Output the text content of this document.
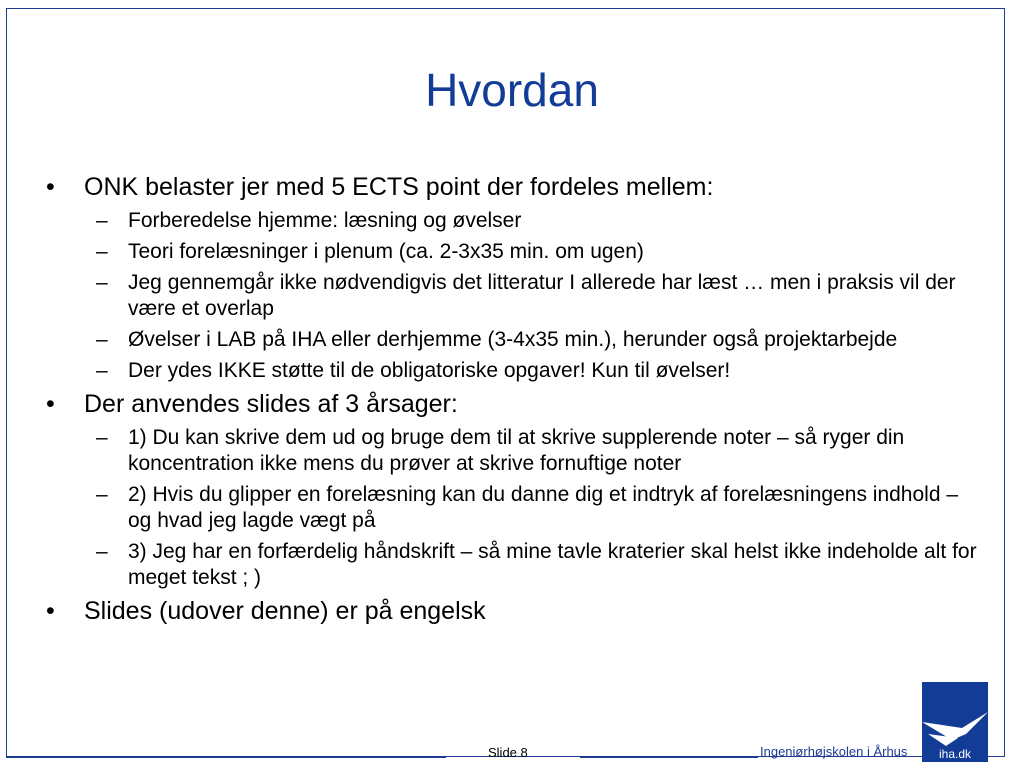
Hvordan
•	ONK belaster jer med 5 ECTS point der fordeles mellem:
– Forberedelse hjemme: læsning og øvelser
– Teori forelæsninger i plenum (ca. 2-3x35 min. om ugen)
– Jeg gennemgår ikke nødvendigvis det litteratur I allerede har læst … men i praksis vil der være et overlap
– Øvelser i LAB på IHA eller derhjemme (3-4x35 min.), herunder også projektarbejde
– Der ydes IKKE støtte til de obligatoriske opgaver! Kun til øvelser!
•	Der anvendes slides af 3 årsager:
– 1) Du kan skrive dem ud og bruge dem til at skrive supplerende noter – så ryger din koncentration ikke mens du prøver at skrive fornuftige noter
– 2) Hvis du glipper en forelæsning kan du danne dig et indtryk af forelæsningens indhold – og hvad jeg lagde vægt på
– 3) Jeg har en forfærdelig håndskrift – så mine tavle kraterier skal helst ikke indeholde alt for meget tekst ; )
•	Slides (udover denne) er på engelsk
Slide 8	Ingeniørhøjskolen i Århus	iha.dk
